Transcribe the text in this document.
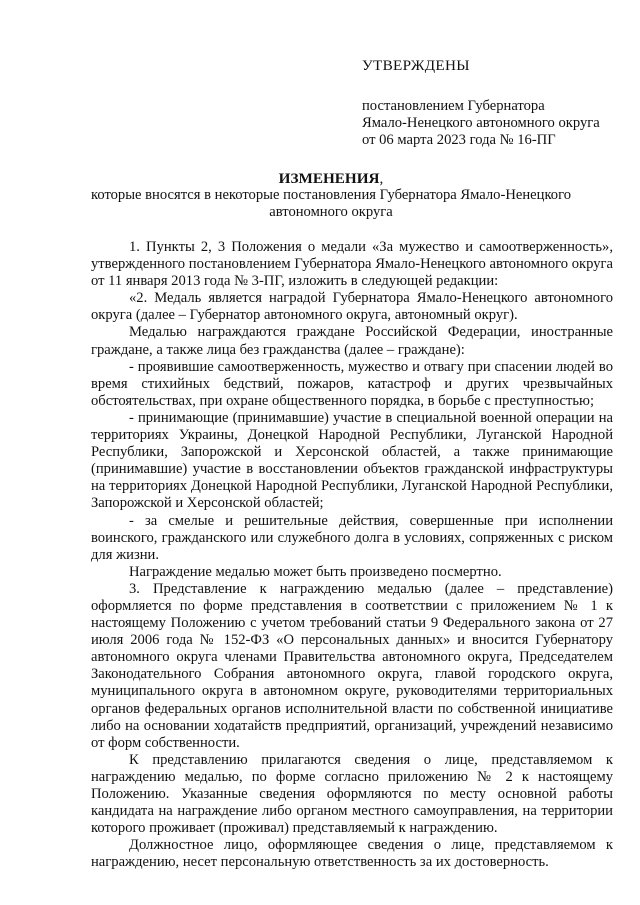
УТВЕРЖДЕНЫ

постановлением Губернатора

Ямало-Ненецкого автономного округа

от 06 марта 2023 года № 16-ПГ

ИЗМЕНЕНИЯ,

которые вносятся в некоторые постановления Губернатора Ямало-Ненецкого автономного округа

1. Пункты 2, 3 Положения о медали «За мужество и самоотверженность», утвержденного постановлением Губернатора Ямало-Ненецкого автономного округа от 11 января 2013 года № 3-ПГ, изложить в следующей редакции:

«2. Медаль является наградой Губернатора Ямало-Ненецкого автономного округа (далее – Губернатор автономного округа, автономный округ).

Медалью награждаются граждане Российской Федерации, иностранные граждане, а также лица без гражданства (далее – граждане):

- проявившие самоотверженность, мужество и отвагу при спасении людей во время стихийных бедствий, пожаров, катастроф и других чрезвычайных обстоятельствах, при охране общественного порядка, в борьбе с преступностью;

- принимающие (принимавшие) участие в специальной военной операции на территориях Украины, Донецкой Народной Республики, Луганской Народной Республики, Запорожской и Херсонской областей, а также принимающие (принимавшие) участие в восстановлении объектов гражданской инфраструктуры на территориях Донецкой Народной Республики, Луганской Народной Республики, Запорожской и Херсонской областей;

- за смелые и решительные действия, совершенные при исполнении воинского, гражданского или служебного долга в условиях, сопряженных с риском для жизни.

Награждение медалью может быть произведено посмертно.

3. Представление к награждению медалью (далее – представление) оформляется по форме представления в соответствии с приложением № 1 к настоящему Положению с учетом требований статьи 9 Федерального закона от 27 июля 2006 года № 152-ФЗ «О персональных данных» и вносится Губернатору автономного округа членами Правительства автономного округа, Председателем Законодательного Собрания автономного округа, главой городского округа, муниципального округа в автономном округе, руководителями территориальных органов федеральных органов исполнительной власти по собственной инициативе либо на основании ходатайств предприятий, организаций, учреждений независимо от форм собственности.

К представлению прилагаются сведения о лице, представляемом к награждению медалью, по форме согласно приложению № 2 к настоящему Положению. Указанные сведения оформляются по месту основной работы кандидата на награждение либо органом местного самоуправления, на территории которого проживает (проживал) представляемый к награждению.

Должностное лицо, оформляющее сведения о лице, представляемом к награждению, несет персональную ответственность за их достоверность.
